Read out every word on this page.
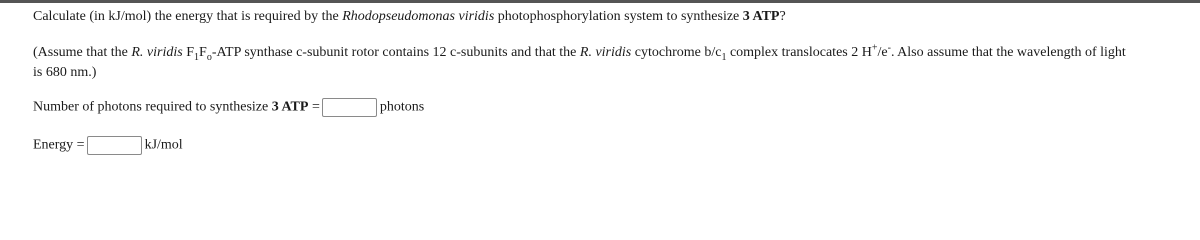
Calculate (in kJ/mol) the energy that is required by the Rhodopseudomonas viridis photophosphorylation system to synthesize 3 ATP?
(Assume that the R. viridis $F_1F_o$-ATP synthase c-subunit rotor contains 12 c-subunits and that the R. viridis cytochrome $b/c_1$ complex translocates 2 H+/e-. Also assume that the wavelength of light
is 680 nm.)
Number of photons required to synthesize 3 ATP =	photons
Energy =	kJ/mol
